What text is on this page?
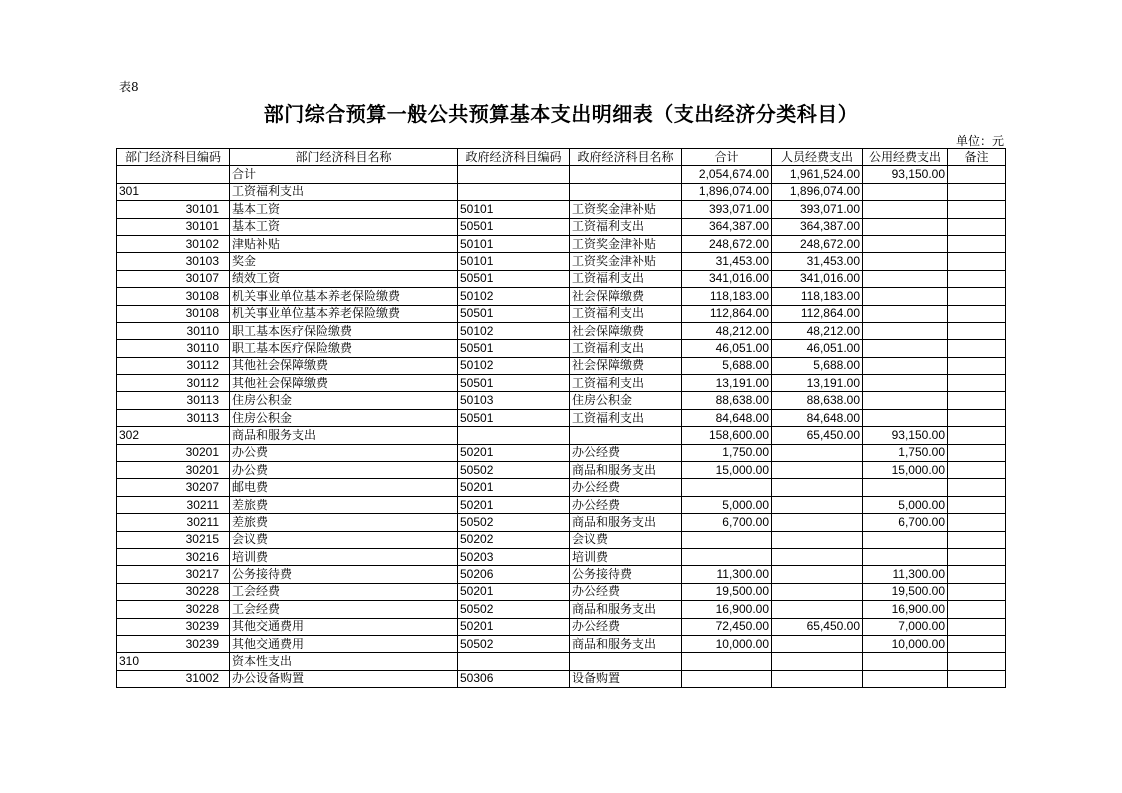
表8
部门综合预算一般公共预算基本支出明细表（支出经济分类科目）
单位：元
部门经济科目编码	部门经济科目名称	政府经济科目编码	政府经济科目名称	合计	人员经费支出	公用经费支出	备注
	合计			2,054,674.00	1,961,524.00	93,150.00	
301	工资福利支出			1,896,074.00	1,896,074.00		
30101	基本工资	50101	工资奖金津补贴	393,071.00	393,071.00		
30101	基本工资	50501	工资福利支出	364,387.00	364,387.00		
30102	津贴补贴	50101	工资奖金津补贴	248,672.00	248,672.00		
30103	奖金	50101	工资奖金津补贴	31,453.00	31,453.00		
30107	绩效工资	50501	工资福利支出	341,016.00	341,016.00		
30108	机关事业单位基本养老保险缴费	50102	社会保障缴费	118,183.00	118,183.00		
30108	机关事业单位基本养老保险缴费	50501	工资福利支出	112,864.00	112,864.00		
30110	职工基本医疗保险缴费	50102	社会保障缴费	48,212.00	48,212.00		
30110	职工基本医疗保险缴费	50501	工资福利支出	46,051.00	46,051.00		
30112	其他社会保障缴费	50102	社会保障缴费	5,688.00	5,688.00		
30112	其他社会保障缴费	50501	工资福利支出	13,191.00	13,191.00		
30113	住房公积金	50103	住房公积金	88,638.00	88,638.00		
30113	住房公积金	50501	工资福利支出	84,648.00	84,648.00		
302	商品和服务支出			158,600.00	65,450.00	93,150.00	
30201	办公费	50201	办公经费	1,750.00		1,750.00	
30201	办公费	50502	商品和服务支出	15,000.00		15,000.00	
30207	邮电费	50201	办公经费				
30211	差旅费	50201	办公经费	5,000.00		5,000.00	
30211	差旅费	50502	商品和服务支出	6,700.00		6,700.00	
30215	会议费	50202	会议费				
30216	培训费	50203	培训费				
30217	公务接待费	50206	公务接待费	11,300.00		11,300.00	
30228	工会经费	50201	办公经费	19,500.00		19,500.00	
30228	工会经费	50502	商品和服务支出	16,900.00		16,900.00	
30239	其他交通费用	50201	办公经费	72,450.00	65,450.00	7,000.00	
30239	其他交通费用	50502	商品和服务支出	10,000.00		10,000.00	
310	资本性支出						
31002	办公设备购置	50306	设备购置				
